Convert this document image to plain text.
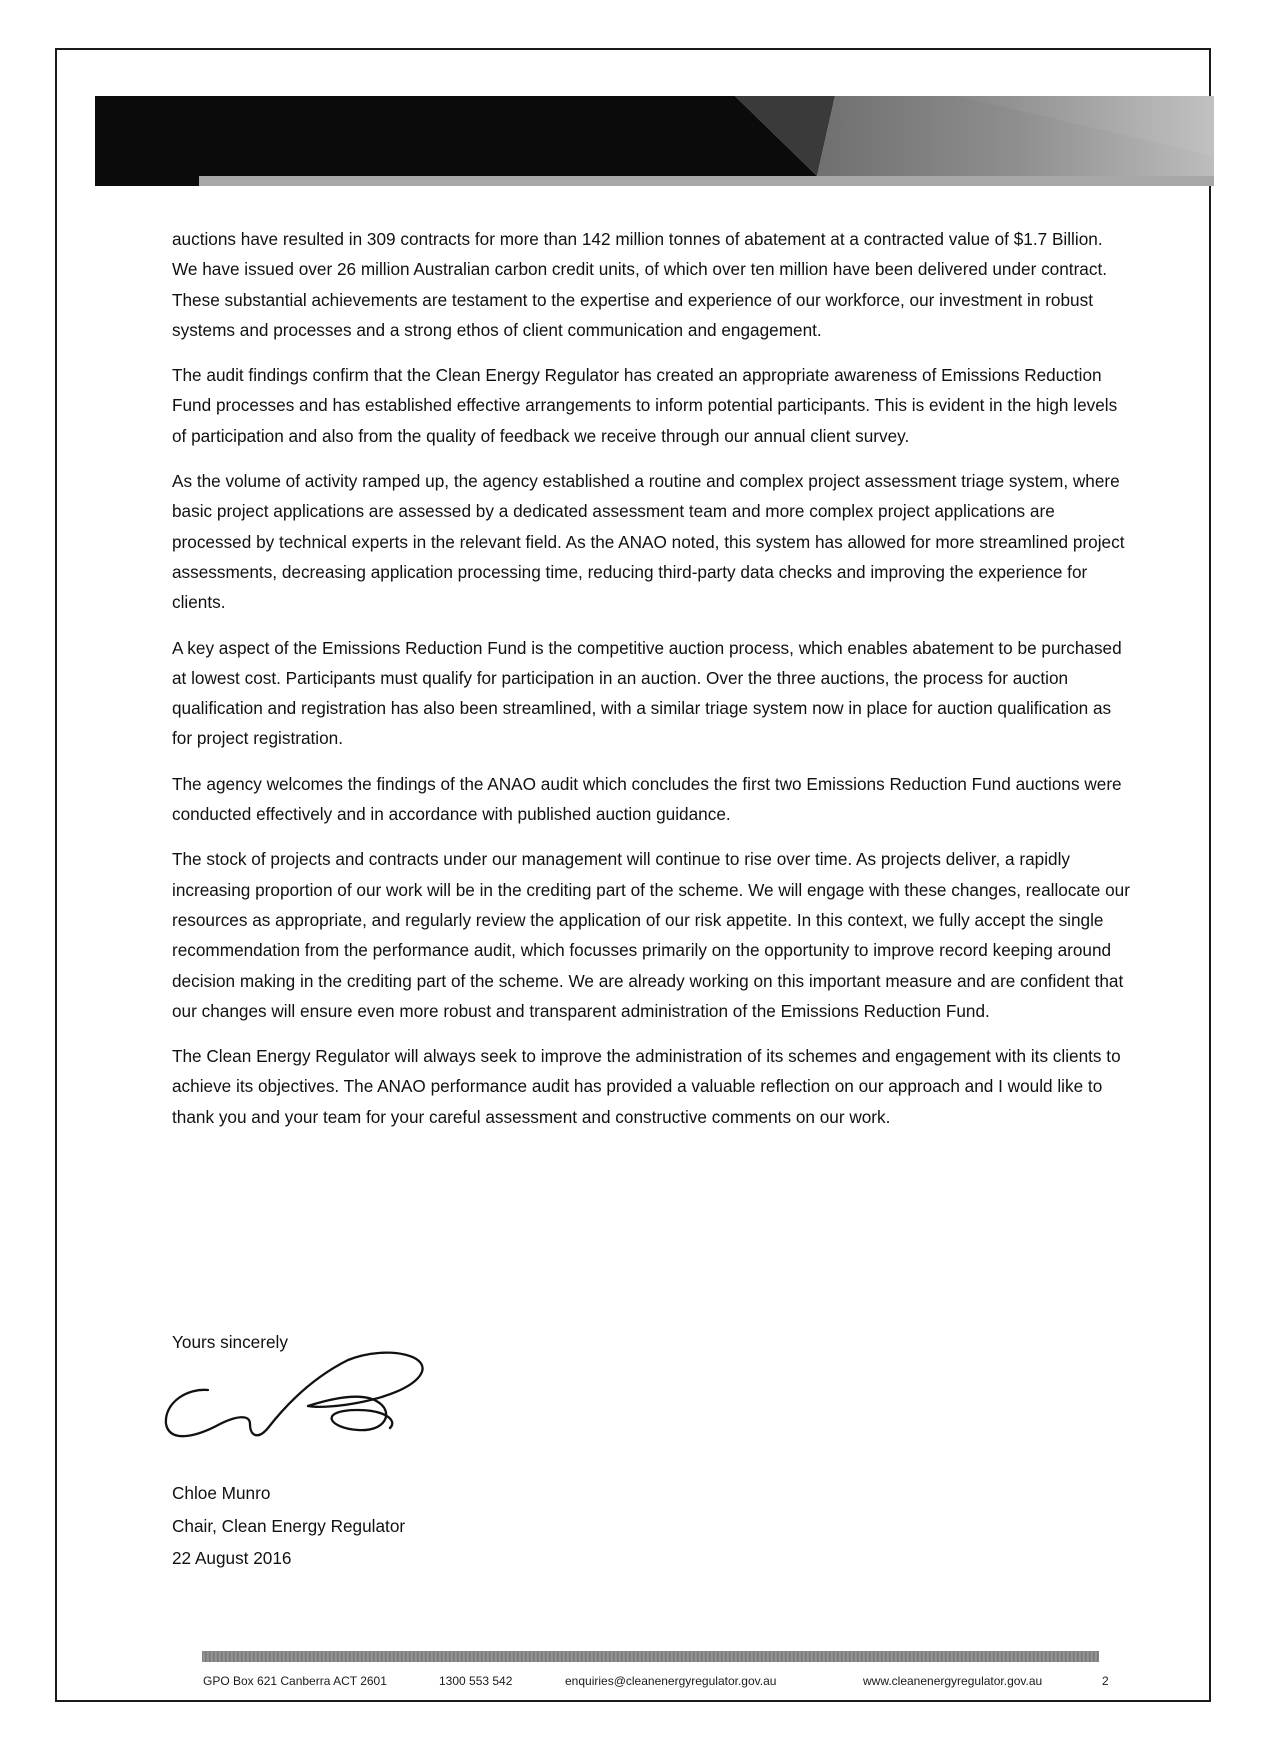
auctions have resulted in 309 contracts for more than 142 million tonnes of abatement at a contracted value of $1.7 Billion. We have issued over 26 million Australian carbon credit units, of which over ten million have been delivered under contract. These substantial achievements are testament to the expertise and experience of our workforce, our investment in robust systems and processes and a strong ethos of client communication and engagement.

The audit findings confirm that the Clean Energy Regulator has created an appropriate awareness of Emissions Reduction Fund processes and has established effective arrangements to inform potential participants. This is evident in the high levels of participation and also from the quality of feedback we receive through our annual client survey.

As the volume of activity ramped up, the agency established a routine and complex project assessment triage system, where basic project applications are assessed by a dedicated assessment team and more complex project applications are processed by technical experts in the relevant field. As the ANAO noted, this system has allowed for more streamlined project assessments, decreasing application processing time, reducing third-party data checks and improving the experience for clients.

A key aspect of the Emissions Reduction Fund is the competitive auction process, which enables abatement to be purchased at lowest cost. Participants must qualify for participation in an auction. Over the three auctions, the process for auction qualification and registration has also been streamlined, with a similar triage system now in place for auction qualification as for project registration.

The agency welcomes the findings of the ANAO audit which concludes the first two Emissions Reduction Fund auctions were conducted effectively and in accordance with published auction guidance.

The stock of projects and contracts under our management will continue to rise over time. As projects deliver, a rapidly increasing proportion of our work will be in the crediting part of the scheme. We will engage with these changes, reallocate our resources as appropriate, and regularly review the application of our risk appetite. In this context, we fully accept the single recommendation from the performance audit, which focusses primarily on the opportunity to improve record keeping around decision making in the crediting part of the scheme. We are already working on this important measure and are confident that our changes will ensure even more robust and transparent administration of the Emissions Reduction Fund.

The Clean Energy Regulator will always seek to improve the administration of its schemes and engagement with its clients to achieve its objectives. The ANAO performance audit has provided a valuable reflection on our approach and I would like to thank you and your team for your careful assessment and constructive comments on our work.

Yours sincerely
Chloe Munro
Chair, Clean Energy Regulator
22 August 2016
GPO Box 621 Canberra ACT 2601	1300 553 542	enquiries@cleanenergyregulator.gov.au	www.cleanenergyregulator.gov.au	2
